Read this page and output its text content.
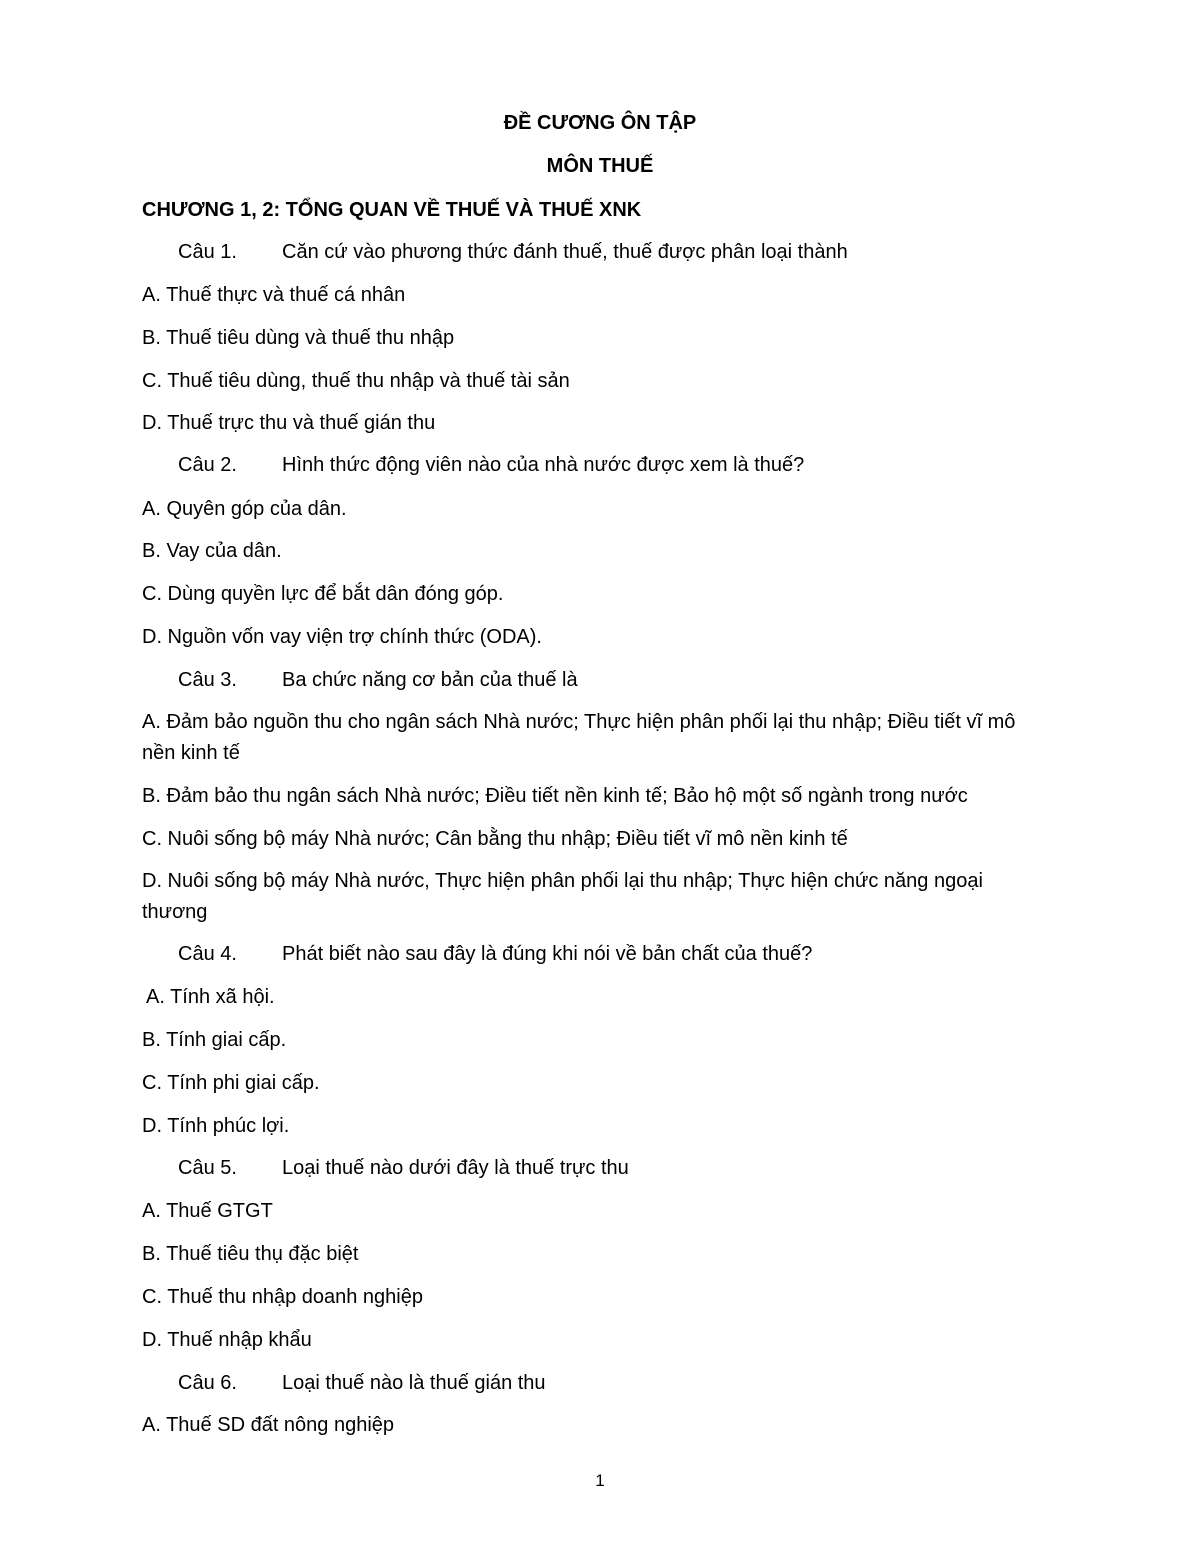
ĐỀ CƯƠNG ÔN TẬP
MÔN THUẾ
CHƯƠNG 1, 2: TỔNG QUAN VỀ THUẾ VÀ THUẾ XNK
Câu 1. Căn cứ vào phương thức đánh thuế, thuế được phân loại thành
A. Thuế thực và thuế cá nhân
B. Thuế tiêu dùng và thuế thu nhập
C. Thuế tiêu dùng, thuế thu nhập và thuế tài sản
D. Thuế trực thu và thuế gián thu
Câu 2. Hình thức động viên nào của nhà nước được xem là thuế?
A. Quyên góp của dân.
B. Vay của dân.
C. Dùng quyền lực để bắt dân đóng góp.
D. Nguồn vốn vay viện trợ chính thức (ODA).
Câu 3. Ba chức năng cơ bản của thuế là
A. Đảm bảo nguồn thu cho ngân sách Nhà nước; Thực hiện phân phối lại thu nhập; Điều tiết vĩ mô nền kinh tế
B. Đảm bảo thu ngân sách Nhà nước; Điều tiết nền kinh tế; Bảo hộ một số ngành trong nước
C. Nuôi sống bộ máy Nhà nước; Cân bằng thu nhập; Điều tiết vĩ mô nền kinh tế
D. Nuôi sống bộ máy Nhà nước, Thực hiện phân phối lại thu nhập; Thực hiện chức năng ngoại thương
Câu 4. Phát biết nào sau đây là đúng khi nói về bản chất của thuế?
A. Tính xã hội.
B. Tính giai cấp.
C. Tính phi giai cấp.
D. Tính phúc lợi.
Câu 5. Loại thuế nào dưới đây là thuế trực thu
A. Thuế GTGT
B. Thuế tiêu thụ đặc biệt
C. Thuế thu nhập doanh nghiệp
D. Thuế nhập khẩu
Câu 6. Loại thuế nào là thuế gián thu
A. Thuế SD đất nông nghiệp
1
